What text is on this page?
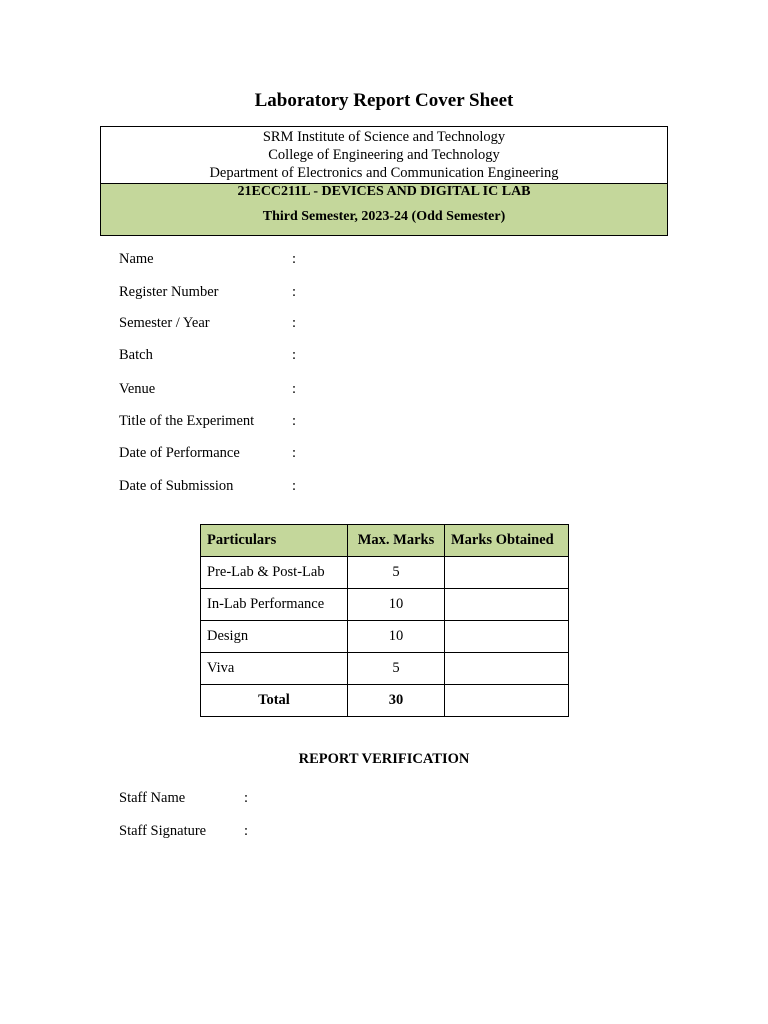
Laboratory Report Cover Sheet
SRM Institute of Science and Technology
College of Engineering and Technology
Department of Electronics and Communication Engineering
21ECC211L - DEVICES AND DIGITAL IC LAB
Third Semester, 2023-24 (Odd Semester)
Name	:
Register Number	:
Semester / Year	:
Batch	:
Venue	:
Title of the Experiment	:
Date of Performance	:
Date of Submission	:
Particulars	Max. Marks	Marks Obtained
Pre-Lab & Post-Lab	5	
In-Lab Performance	10	
Design	10	
Viva	5	
Total	30	
REPORT VERIFICATION
Staff Name	:
Staff Signature	:
